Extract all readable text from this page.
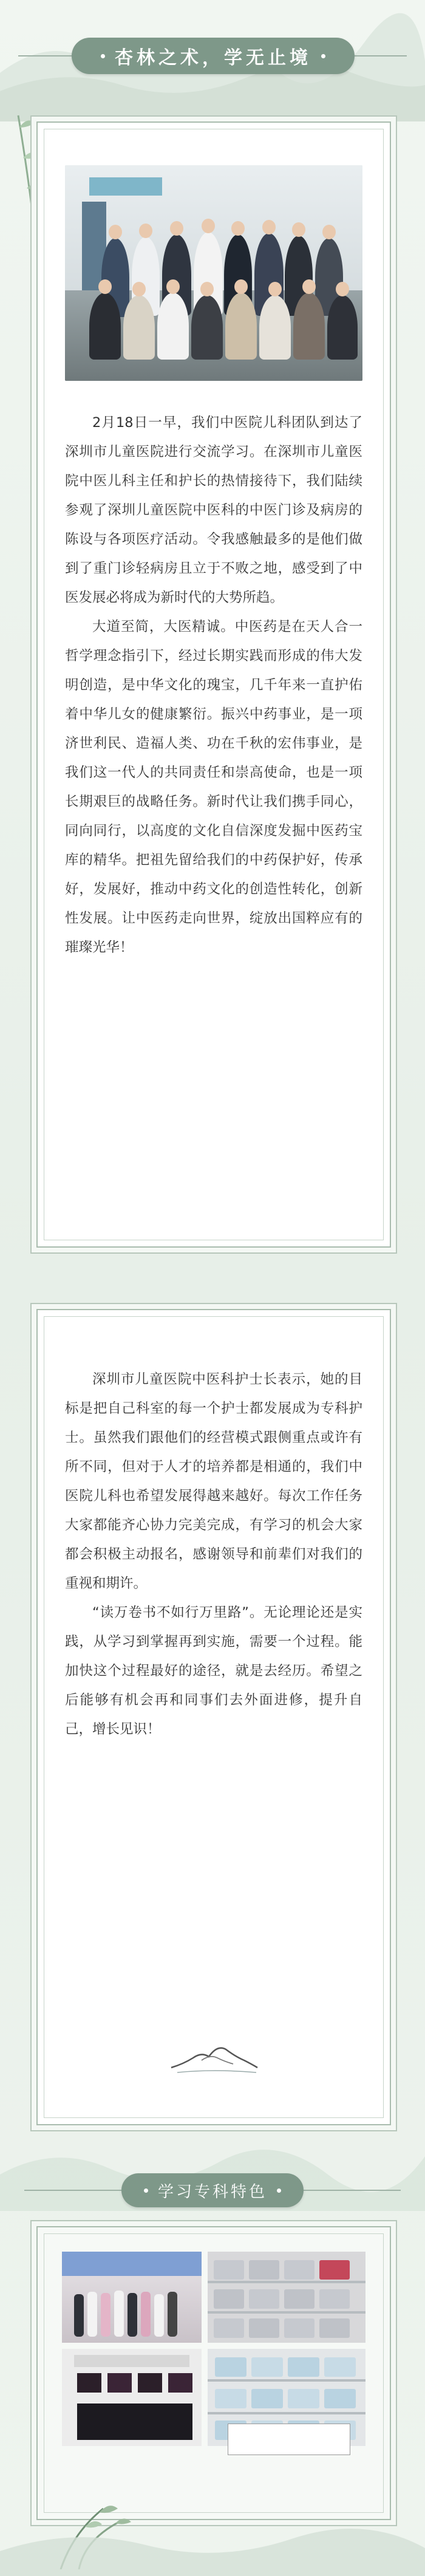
杏林之术，学无止境

2月18日一早，我们中医院儿科团队到达了深圳市儿童医院进行交流学习。在深圳市儿童医院中医儿科主任和护长的热情接待下，我们陆续参观了深圳儿童医院中医科的中医门诊及病房的陈设与各项医疗活动。令我感触最多的是他们做到了重门诊轻病房且立于不败之地，感受到了中医发展必将成为新时代的大势所趋。

大道至简，大医精诚。中医药是在天人合一哲学理念指引下，经过长期实践而形成的伟大发明创造，是中华文化的瑰宝，几千年来一直护佑着中华儿女的健康繁衍。振兴中药事业，是一项济世利民、造福人类、功在千秋的宏伟事业，是我们这一代人的共同责任和崇高使命，也是一项长期艰巨的战略任务。新时代让我们携手同心，同向同行，以高度的文化自信深度发掘中医药宝库的精华。把祖先留给我们的中药保护好，传承好，发展好，推动中药文化的创造性转化，创新性发展。让中医药走向世界，绽放出国粹应有的璀璨光华！

深圳市儿童医院中医科护士长表示，她的目标是把自己科室的每一个护士都发展成为专科护士。虽然我们跟他们的经营模式跟侧重点或许有所不同，但对于人才的培养都是相通的，我们中医院儿科也希望发展得越来越好。每次工作任务大家都能齐心协力完美完成，有学习的机会大家都会积极主动报名，感谢领导和前辈们对我们的重视和期许。

“读万卷书不如行万里路”。无论理论还是实践，从学习到掌握再到实施，需要一个过程。能加快这个过程最好的途径，就是去经历。希望之后能够有机会再和同事们去外面进修，提升自己，增长见识！

学习专科特色
